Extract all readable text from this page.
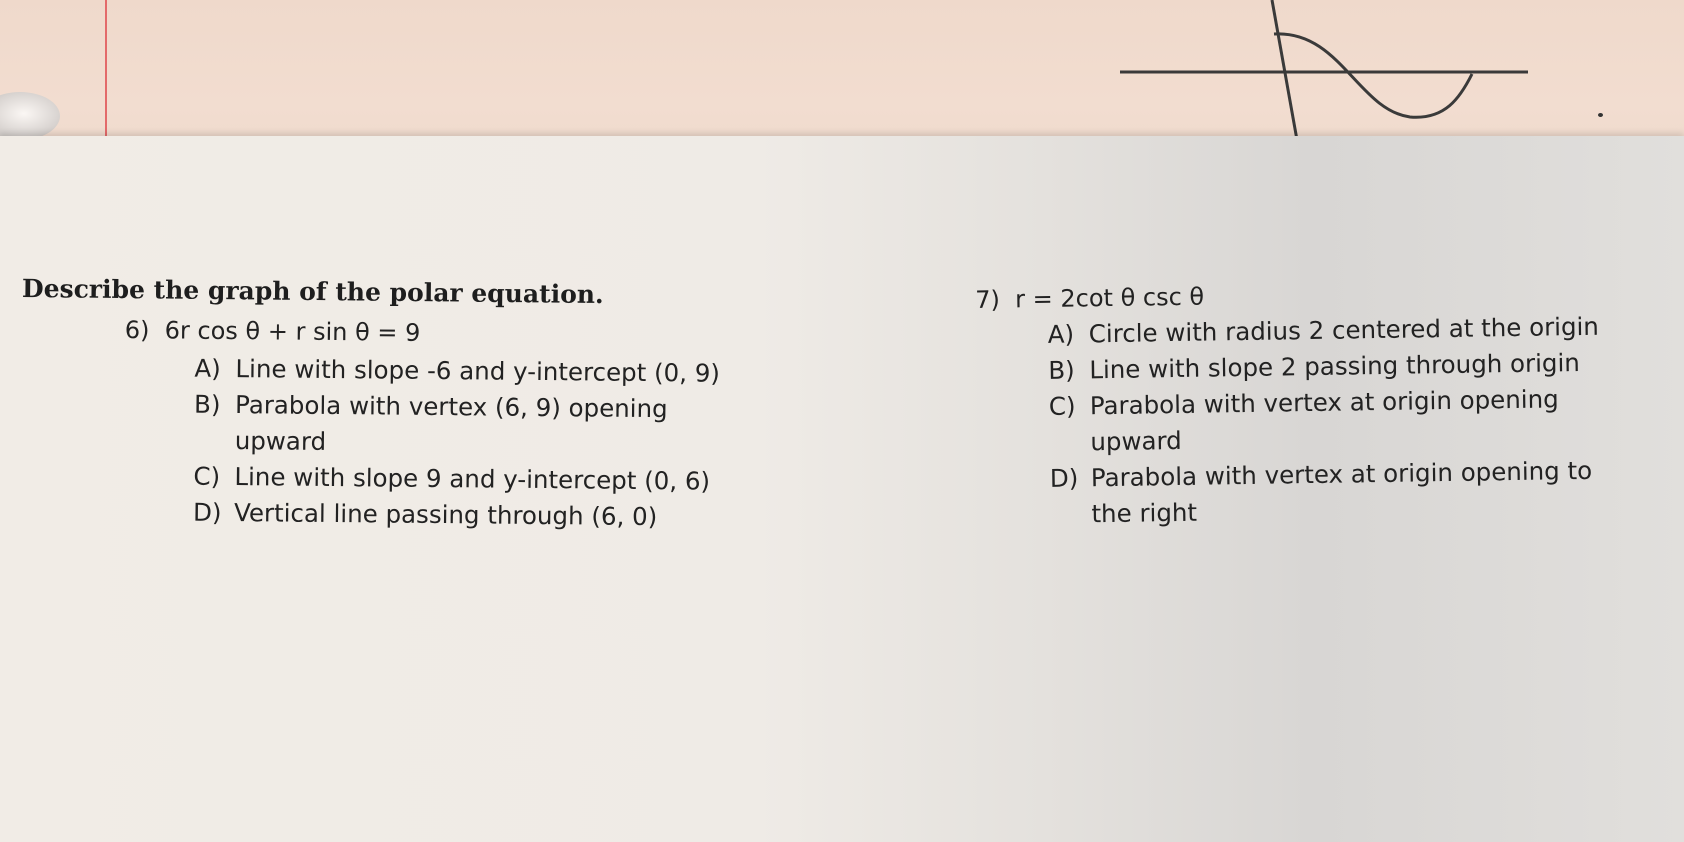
Describe the graph of the polar equation.
6) 6r cos θ + r sin θ = 9
A) Line with slope -6 and y-intercept (0, 9)
B) Parabola with vertex (6, 9) opening
upward
C) Line with slope 9 and y-intercept (0, 6)
D) Vertical line passing through (6, 0)
7) r = 2cot θ csc θ
A) Circle with radius 2 centered at the origin
B) Line with slope 2 passing through origin
C) Parabola with vertex at origin opening
upward
D) Parabola with vertex at origin opening to
the right
